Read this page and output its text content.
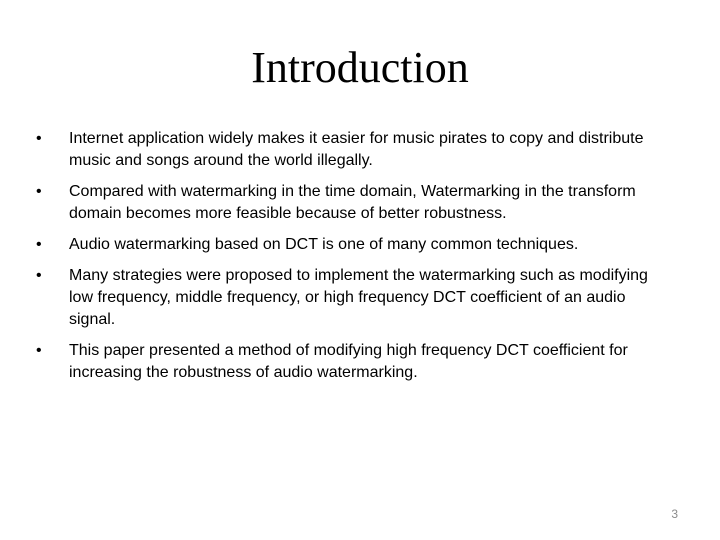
Introduction
•	Internet application widely makes it easier for music pirates to copy and distribute music and songs around the world illegally.
•	Compared with watermarking in the time domain, Watermarking in the transform domain becomes more feasible because of better robustness.
•	Audio watermarking based on DCT is one of many common techniques.
•	Many strategies were proposed to implement the watermarking such as modifying low frequency, middle frequency, or high frequency DCT coefficient of an audio signal.
•	This paper presented a method of modifying high frequency DCT coefficient for increasing the robustness of audio watermarking.
3
